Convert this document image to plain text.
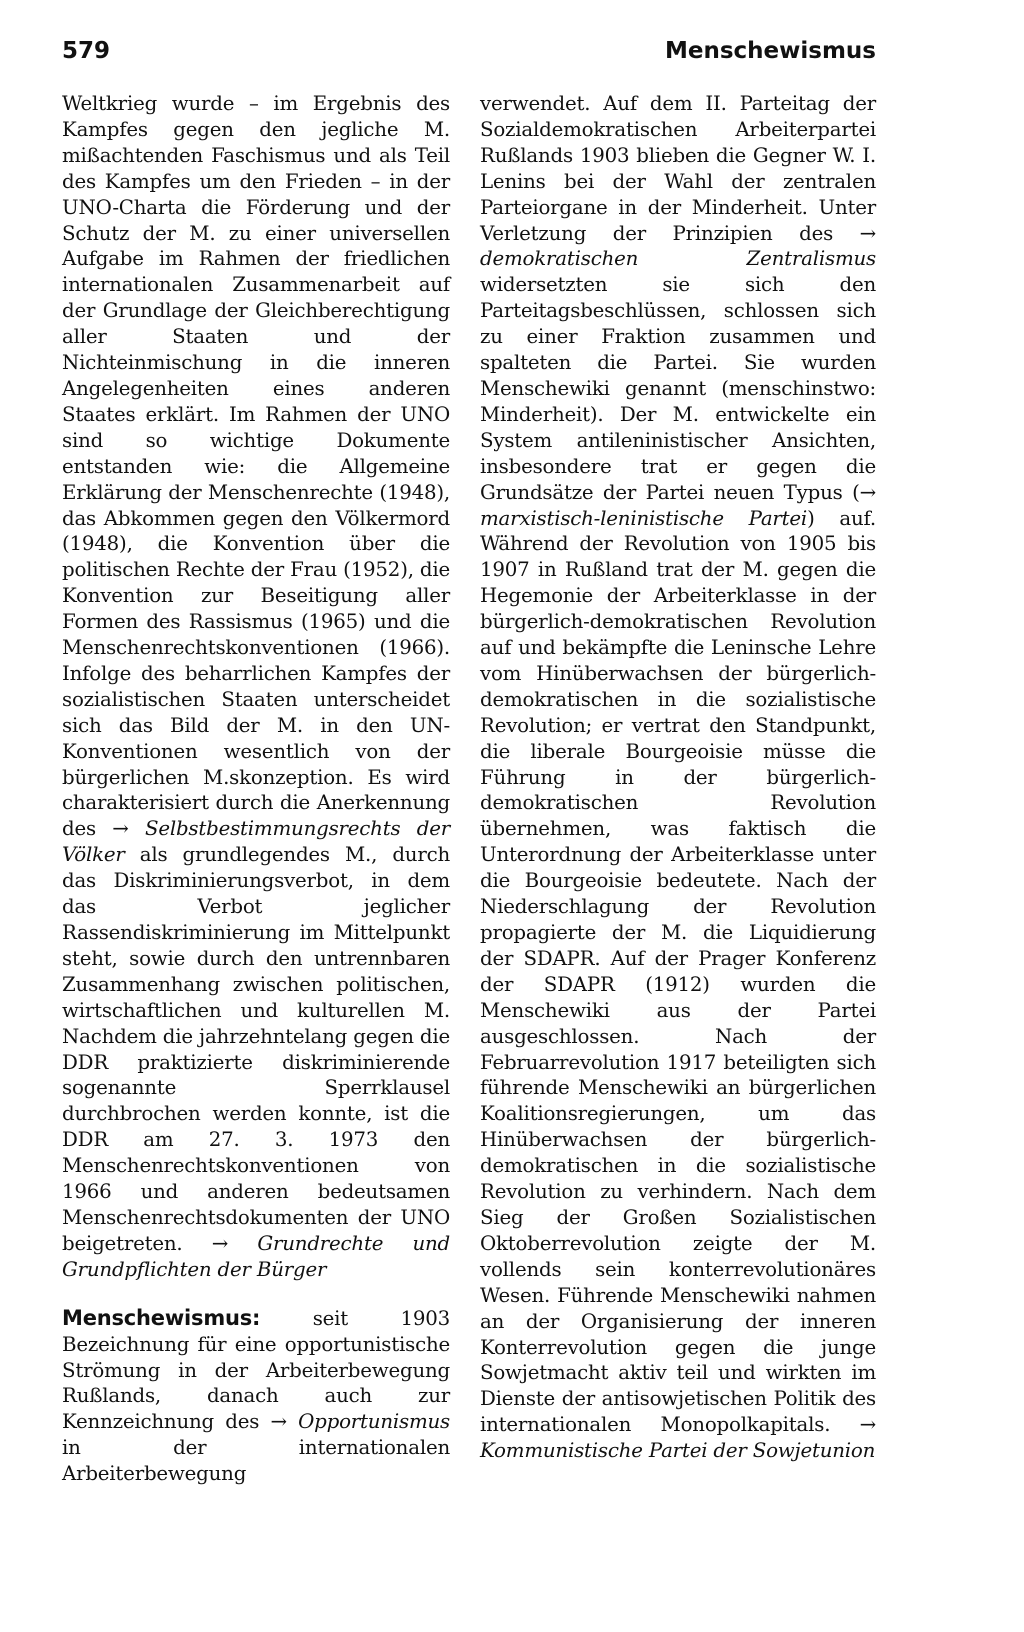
579	Menschewismus

Weltkrieg wurde – im Ergebnis des Kampfes gegen den jegliche M. mißachtenden Faschismus und als Teil des Kampfes um den Frieden – in der UNO-Charta die Förderung und der Schutz der M. zu einer universellen Aufgabe im Rahmen der friedlichen internationalen Zusammenarbeit auf der Grundlage der Gleichberechtigung aller Staaten und der Nichteinmischung in die inneren Angelegenheiten eines anderen Staates erklärt. Im Rahmen der UNO sind so wichtige Dokumente entstanden wie: die Allgemeine Erklärung der Menschenrechte (1948), das Abkommen gegen den Völkermord (1948), die Konvention über die politischen Rechte der Frau (1952), die Konvention zur Beseitigung aller Formen des Rassismus (1965) und die Menschenrechtskonventionen (1966). Infolge des beharrlichen Kampfes der sozialistischen Staaten unterscheidet sich das Bild der M. in den UN-Konventionen wesentlich von der bürgerlichen M.skonzeption. Es wird charakterisiert durch die Anerkennung des → Selbstbestimmungsrechts der Völker als grundlegendes M., durch das Diskriminierungsverbot, in dem das Verbot jeglicher Rassendiskriminierung im Mittelpunkt steht, sowie durch den untrennbaren Zusammenhang zwischen politischen, wirtschaftlichen und kulturellen M. Nachdem die jahrzehntelang gegen die DDR praktizierte diskriminierende sogenannte Sperrklausel durchbrochen werden konnte, ist die DDR am 27. 3. 1973 den Menschenrechtskonventionen von 1966 und anderen bedeutsamen Menschenrechtsdokumenten der UNO beigetreten. → Grundrechte und Grundpflichten der Bürger

Menschewismus:	seit 1903 Bezeichnung für eine opportunistische Strömung in der Arbeiterbewegung Rußlands, danach auch zur Kennzeichnung des → Opportunismus in der internationalen Arbeiterbewegung

verwendet. Auf dem II. Parteitag der Sozialdemokratischen Arbeiterpartei Rußlands 1903 blieben die Gegner W. I. Lenins bei der Wahl der zentralen Parteiorgane in der Minderheit. Unter Verletzung der Prinzipien des → demokratischen Zentralismus widersetzten sie sich den Parteitagsbeschlüssen, schlossen sich zu einer Fraktion zusammen und spalteten die Partei. Sie wurden Menschewiki genannt (menschinstwo: Minderheit). Der M. entwickelte ein System antileninistischer Ansichten, insbesondere trat er gegen die Grundsätze der Partei neuen Typus (→ marxistisch-leninistische Partei) auf. Während der Revolution von 1905 bis 1907 in Rußland trat der M. gegen die Hegemonie der Arbeiterklasse in der bürgerlich-demokratischen Revolution auf und bekämpfte die Leninsche Lehre vom Hinüberwachsen der bürgerlich-demokratischen in die sozialistische Revolution; er vertrat den Standpunkt, die liberale Bourgeoisie müsse die Führung in der bürgerlich-demokratischen Revolution übernehmen, was faktisch die Unterordnung der Arbeiterklasse unter die Bourgeoisie bedeutete. Nach der Niederschlagung der Revolution propagierte der M. die Liquidierung der SDAPR. Auf der Prager Konferenz der SDAPR (1912) wurden die Menschewiki aus der Partei ausgeschlossen. Nach der Februarrevolution 1917 beteiligten sich führende Menschewiki an bürgerlichen Koalitionsregierungen, um das Hinüberwachsen der bürgerlich-demokratischen in die sozialistische Revolution zu verhindern. Nach dem Sieg der Großen Sozialistischen Oktoberrevolution zeigte der M. vollends sein konterrevolutionäres Wesen. Führende Menschewiki nahmen an der Organisierung der inneren Konterrevolution gegen die junge Sowjetmacht aktiv teil und wirkten im Dienste der antisowjetischen Politik des internationalen Monopolkapitals. → Kommunistische Partei der Sowjetunion
